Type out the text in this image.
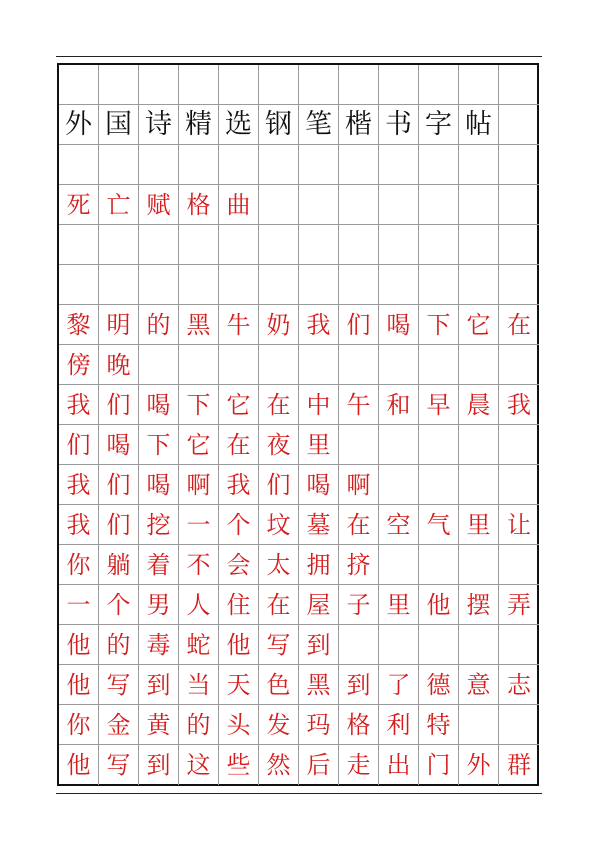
外 国 诗 精 选 钢 笔 楷 书 字 帖
死 亡 赋 格 曲
黎 明 的 黑 牛 奶 我 们 喝 下 它 在
傍 晚
我 们 喝 下 它 在 中 午 和 早 晨 我
们 喝 下 它 在 夜 里
我 们 喝 啊 我 们 喝 啊
我 们 挖 一 个 坟 墓 在 空 气 里 让
你 躺 着 不 会 太 拥 挤
一 个 男 人 住 在 屋 子 里 他 摆 弄
他 的 毒 蛇 他 写 到
他 写 到 当 天 色 黑 到 了 德 意 志
你 金 黄 的 头 发 玛 格 利 特
他 写 到 这 些 然 后 走 出 门 外 群
